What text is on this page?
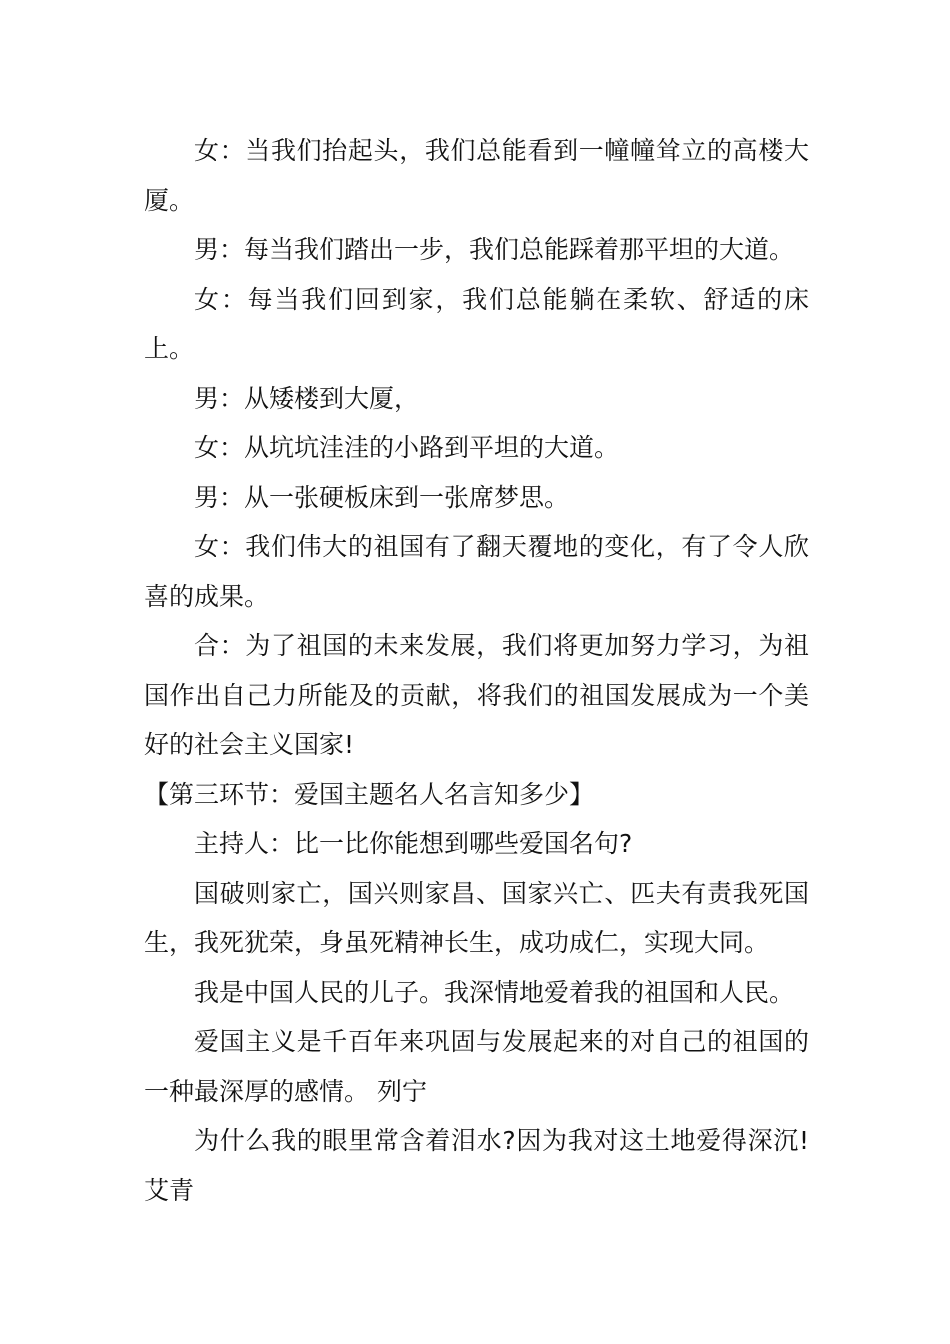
女：当我们抬起头，我们总能看到一幢幢耸立的高楼大厦。

男：每当我们踏出一步，我们总能踩着那平坦的大道。

女：每当我们回到家，我们总能躺在柔软、舒适的床上。

男：从矮楼到大厦，

女：从坑坑洼洼的小路到平坦的大道。

男：从一张硬板床到一张席梦思。

女：我们伟大的祖国有了翻天覆地的变化，有了令人欣喜的成果。

合：为了祖国的未来发展，我们将更加努力学习，为祖国作出自己力所能及的贡献，将我们的祖国发展成为一个美好的社会主义国家!

【第三环节：爱国主题名人名言知多少】

主持人：比一比你能想到哪些爱国名句?

国破则家亡，国兴则家昌、国家兴亡、匹夫有责我死国生，我死犹荣，身虽死精神长生，成功成仁，实现大同。

我是中国人民的儿子。我深情地爱着我的祖国和人民。

爱国主义是千百年来巩固与发展起来的对自己的祖国的一种最深厚的感情。 列宁

为什么我的眼里常含着泪水?因为我对这土地爱得深沉! 艾青
